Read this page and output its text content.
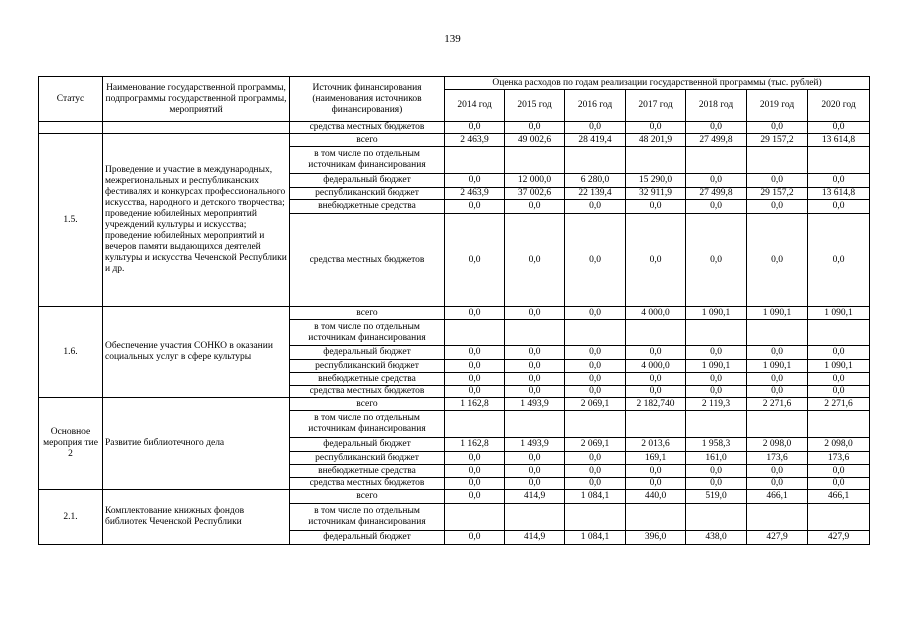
139
Статус	Наименование государственной программы, подпрограммы государственной программы, мероприятий	Источник финансирования (наименования источников финансирования)	Оценка расходов по годам реализации государственной программы (тыс. рублей)						
			2014 год	2015 год	2016 год	2017 год	2018 год	2019 год	2020 год
		средства местных бюджетов	0,0	0,0	0,0	0,0	0,0	0,0	0,0
1.5.	Проведение и участие в международных, межрегиональных и республиканских фестивалях и конкурсах профессионального искусства, народного и детского творчества; проведение юбилейных мероприятий учреждений культуры и искусства; проведение юбилейных мероприятий и вечеров памяти выдающихся деятелей культуры и искусства Чеченской Республики и др.	всего	2 463,9	49 002,6	28 419,4	48 201,9	27 499,8	29 157,2	13 614,8
		в том числе по отдельным источникам финансирования							
		федеральный бюджет	0,0	12 000,0	6 280,0	15 290,0	0,0	0,0	0,0
		республиканский бюджет	2 463,9	37 002,6	22 139,4	32 911,9	27 499,8	29 157,2	13 614,8
		внебюджетные средства	0,0	0,0	0,0	0,0	0,0	0,0	0,0
		средства местных бюджетов	0,0	0,0	0,0	0,0	0,0	0,0	0,0
1.6.	Обеспечение участия СОНКО в оказании социальных услуг в сфере культуры	всего	0,0	0,0	0,0	4 000,0	1 090,1	1 090,1	1 090,1
		в том числе по отдельным источникам финансирования							
		федеральный бюджет	0,0	0,0	0,0	0,0	0,0	0,0	0,0
		республиканский бюджет	0,0	0,0	0,0	4 000,0	1 090,1	1 090,1	1 090,1
		внебюджетные средства	0,0	0,0	0,0	0,0	0,0	0,0	0,0
		средства местных бюджетов	0,0	0,0	0,0	0,0	0,0	0,0	0,0
Основное мероприя тие 2	Развитие библиотечного дела	всего	1 162,8	1 493,9	2 069,1	2 182,740	2 119,3	2 271,6	2 271,6
		в том числе по отдельным источникам финансирования							
		федеральный бюджет	1 162,8	1 493,9	2 069,1	2 013,6	1 958,3	2 098,0	2 098,0
		республиканский бюджет	0,0	0,0	0,0	169,1	161,0	173,6	173,6
		внебюджетные средства	0,0	0,0	0,0	0,0	0,0	0,0	0,0
		средства местных бюджетов	0,0	0,0	0,0	0,0	0,0	0,0	0,0
2.1.	Комплектование книжных фондов библиотек Чеченской Республики	всего	0,0	414,9	1 084,1	440,0	519,0	466,1	466,1
		в том числе по отдельным источникам финансирования							
		федеральный бюджет	0,0	414,9	1 084,1	396,0	438,0	427,9	427,9
